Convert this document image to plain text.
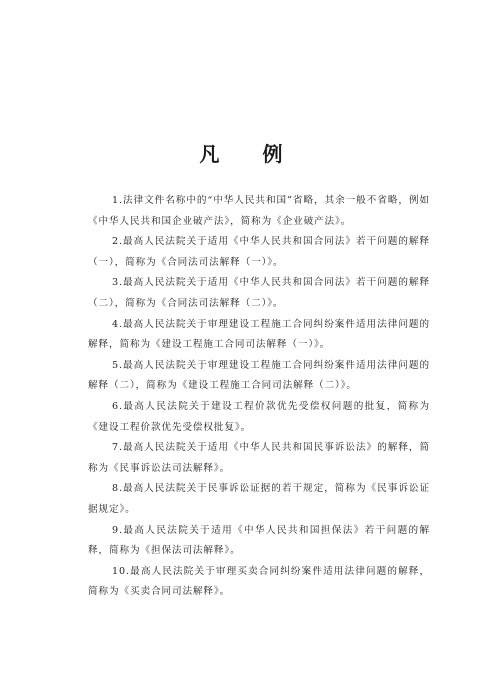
凡 例

1.法律文件名称中的“中华人民共和国”省略，其余一般不省略，例如《中华人民共和国企业破产法》，简称为《企业破产法》。

2.最高人民法院关于适用《中华人民共和国合同法》若干问题的解释（一），简称为《合同法司法解释（一）》。

3.最高人民法院关于适用《中华人民共和国合同法》若干问题的解释（二），简称为《合同法司法解释（二）》。

4.最高人民法院关于审理建设工程施工合同纠纷案件适用法律问题的解释，简称为《建设工程施工合同司法解释（一）》。

5.最高人民法院关于审理建设工程施工合同纠纷案件适用法律问题的解释（二），简称为《建设工程施工合同司法解释（二）》。

6.最高人民法院关于建设工程价款优先受偿权问题的批复，简称为《建设工程价款优先受偿权批复》。

7.最高人民法院关于适用《中华人民共和国民事诉讼法》的解释，简称为《民事诉讼法司法解释》。

8.最高人民法院关于民事诉讼证据的若干规定，简称为《民事诉讼证据规定》。

9.最高人民法院关于适用《中华人民共和国担保法》若干问题的解释，简称为《担保法司法解释》。

10.最高人民法院关于审理买卖合同纠纷案件适用法律问题的解释，简称为《买卖合同司法解释》。
